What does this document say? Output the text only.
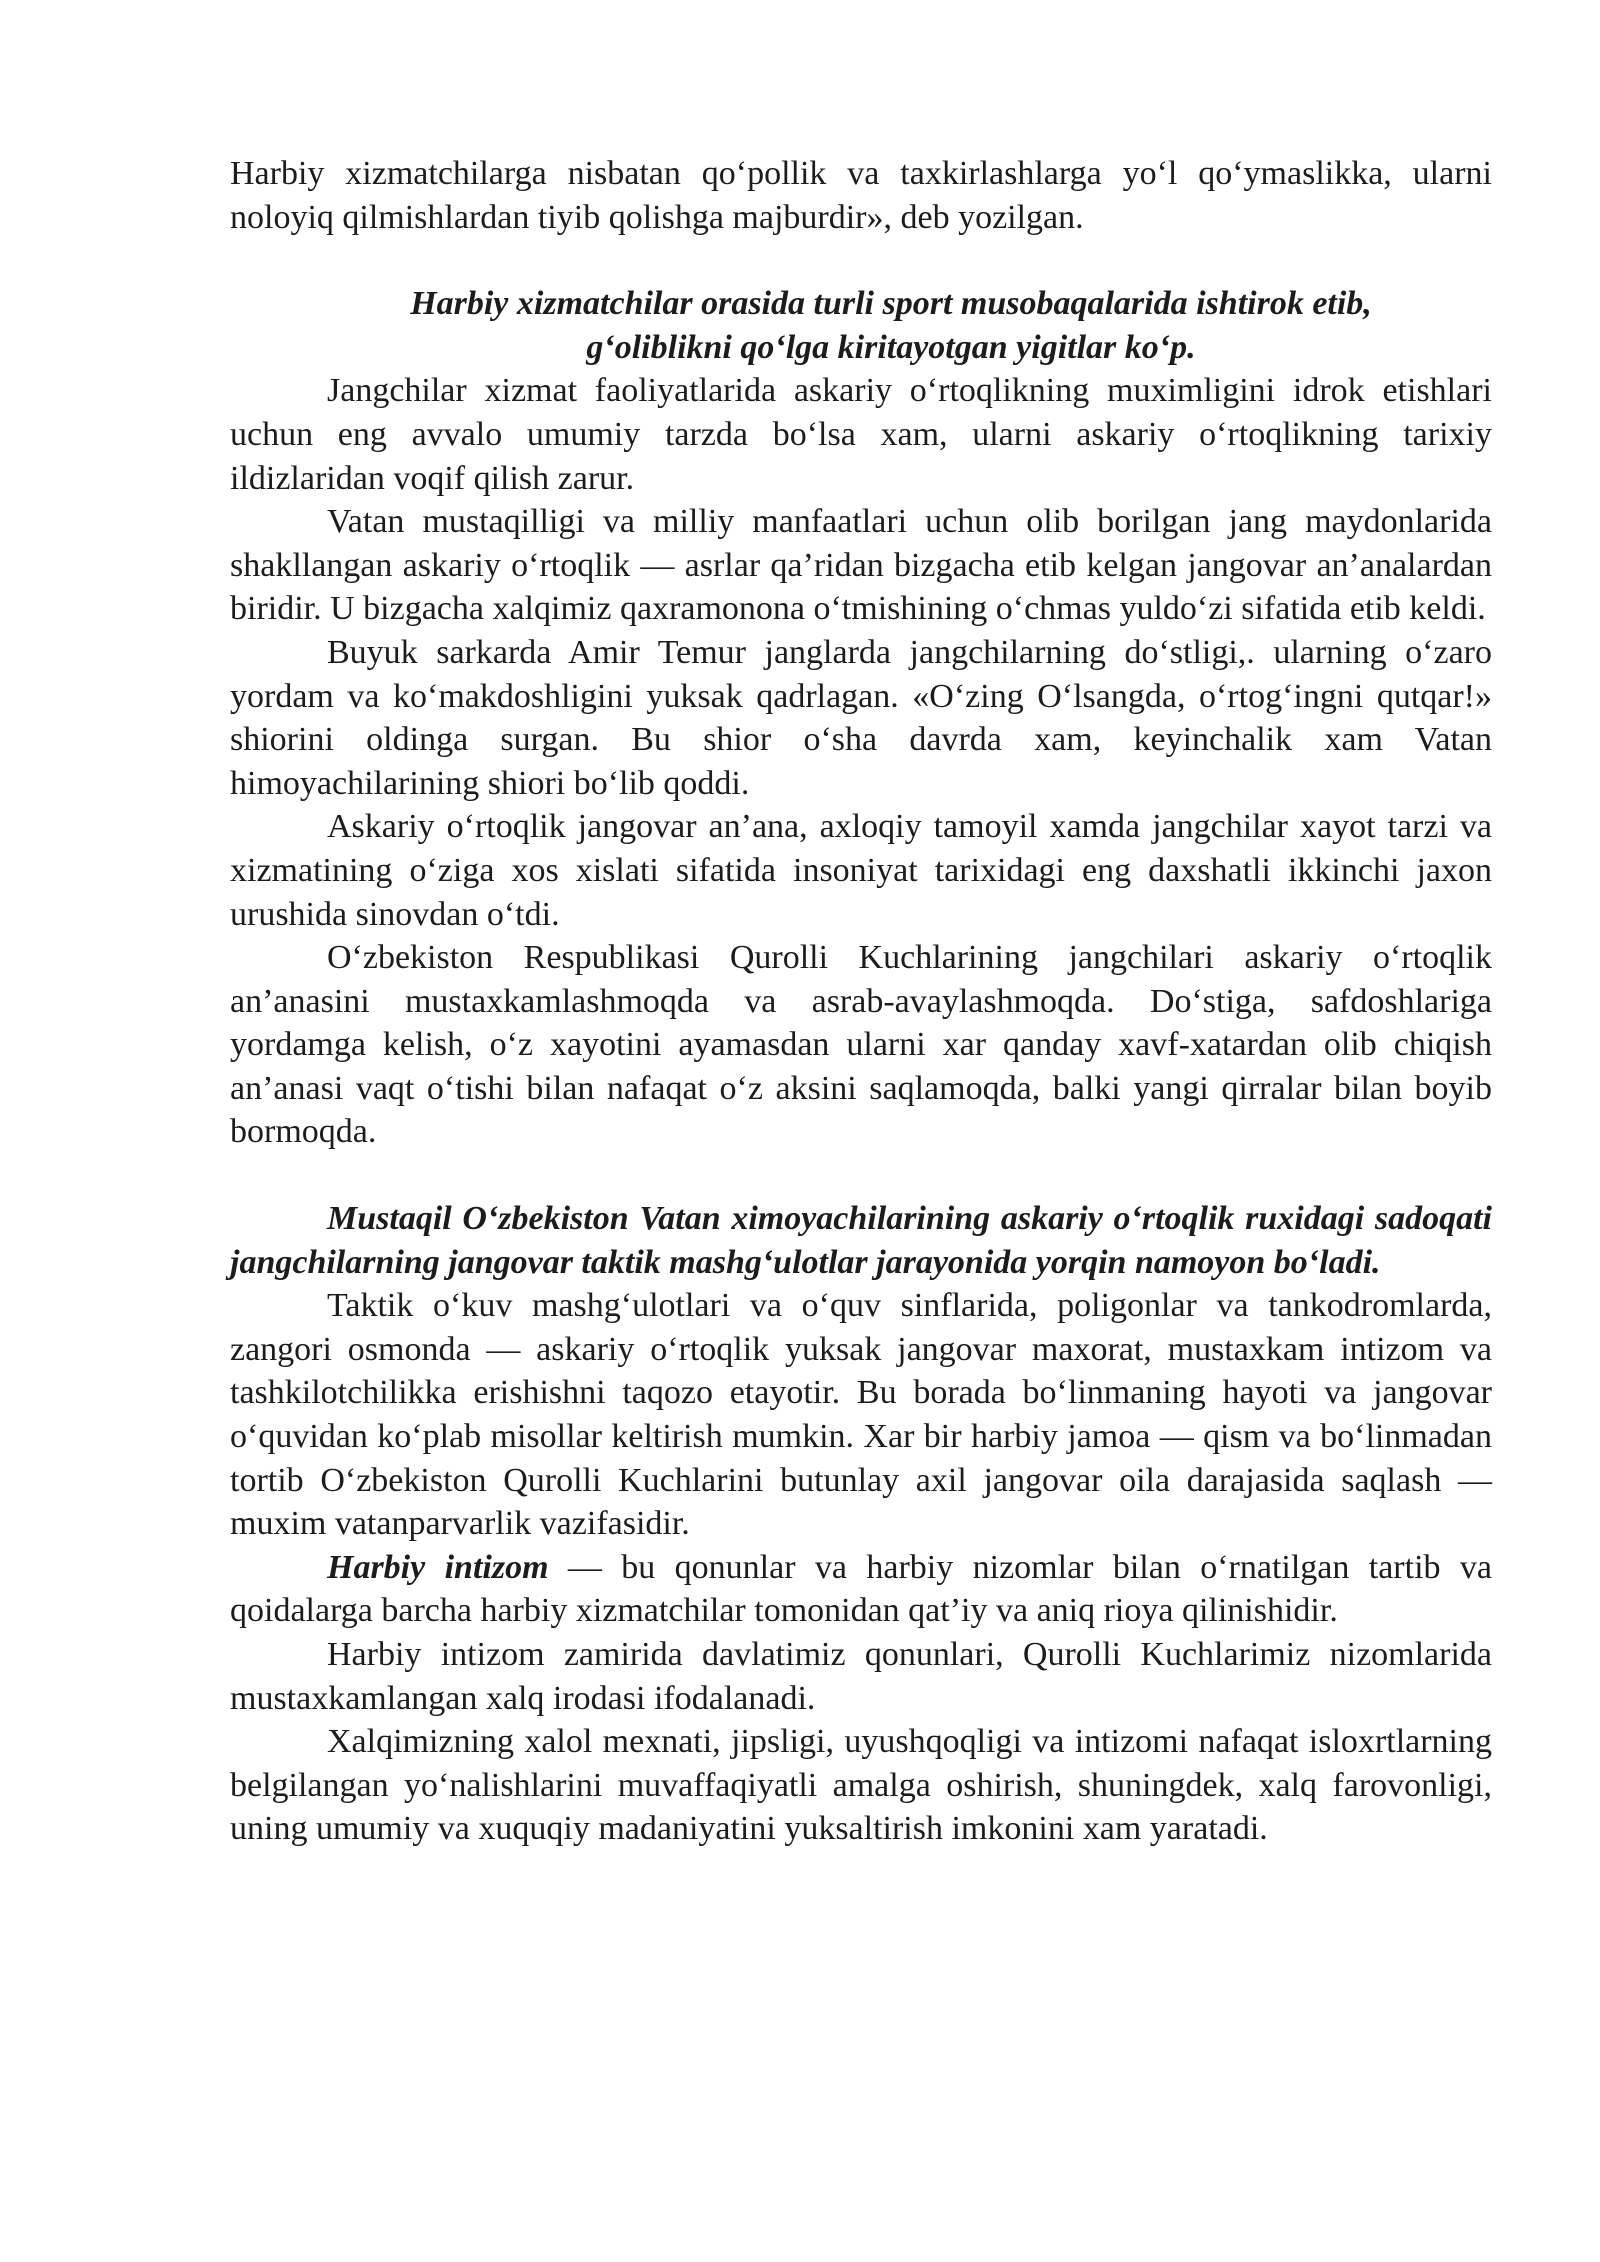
Harbiy xizmatchilarga nisbatan qo‘pollik va taxkirlashlarga yo‘l qo‘ymaslikka, ularni noloyiq qilmishlardan tiyib qolishga majburdir», deb yozilgan.

Harbiy xizmatchilar orasida turli sport musobaqalarida ishtirok etib,
g‘oliblikni qo‘lga kiritayotgan yigitlar ko‘p.

Jangchilar xizmat faoliyatlarida askariy o‘rtoqlikning muximligini idrok etishlari uchun eng avvalo umumiy tarzda bo‘lsa xam, ularni askariy o‘rtoqlikning tarixiy ildizlaridan voqif qilish zarur.

Vatan mustaqilligi va milliy manfaatlari uchun olib borilgan jang maydonlarida shakllangan askariy o‘rtoqlik — asrlar qa’ridan bizgacha etib kelgan jangovar an’analardan biridir. U bizgacha xalqimiz qaxramonona o‘tmishining o‘chmas yuldo‘zi sifatida etib keldi.

Buyuk sarkarda Amir Temur janglarda jangchilarning do‘stligi,. ularning o‘zaro yordam va ko‘makdoshligini yuksak qadrlagan. «O‘zing O‘lsangda, o‘rtog‘ingni qutqar!» shiorini oldinga surgan. Bu shior o‘sha davrda xam, keyinchalik xam Vatan himoyachilarining shiori bo‘lib qoddi.

Askariy o‘rtoqlik jangovar an’ana, axloqiy tamoyil xamda jangchilar xayot tarzi va xizmatining o‘ziga xos xislati sifatida insoniyat tarixidagi eng daxshatli ikkinchi jaxon urushida sinovdan o‘tdi.

O‘zbekiston Respublikasi Qurolli Kuchlarining jangchilari askariy o‘rtoqlik an’anasini mustaxkamlashmoqda va asrab-avaylashmoqda. Do‘stiga, safdoshlariga yordamga kelish, o‘z xayotini ayamasdan ularni xar qanday xavf-xatardan olib chiqish an’anasi vaqt o‘tishi bilan nafaqat o‘z aksini saqlamoqda, balki yangi qirralar bilan boyib bormoqda.

Mustaqil O‘zbekiston Vatan ximoyachilarining askariy o‘rtoqlik ruxidagi sadoqati jangchilarning jangovar taktik mashg‘ulotlar jarayonida yorqin namoyon bo‘ladi.

Taktik o‘kuv mashg‘ulotlari va o‘quv sinflarida, poligonlar va tankodromlarda, zangori osmonda — askariy o‘rtoqlik yuksak jangovar maxorat, mustaxkam intizom va tashkilotchilikka erishishni taqozo etayotir. Bu borada bo‘linmaning hayoti va jangovar o‘quvidan ko‘plab misollar keltirish mumkin. Xar bir harbiy jamoa — qism va bo‘linmadan tortib O‘zbekiston Qurolli Kuchlarini butunlay axil jangovar oila darajasida saqlash — muxim vatanparvarlik vazifasidir.

Harbiy intizom — bu qonunlar va harbiy nizomlar bilan o‘rnatilgan tartib va qoidalarga barcha harbiy xizmatchilar tomonidan qat’iy va aniq rioya qilinishidir.

Harbiy intizom zamirida davlatimiz qonunlari, Qurolli Kuchlarimiz nizomlarida mustaxkamlangan xalq irodasi ifodalanadi.

Xalqimizning xalol mexnati, jipsligi, uyushqoqligi va intizomi nafaqat isloxrtlarning belgilangan yo‘nalishlarini muvaffaqiyatli amalga oshirish, shuningdek, xalq farovonligi, uning umumiy va xuquqiy madaniyatini yuksaltirish imkonini xam yaratadi.
